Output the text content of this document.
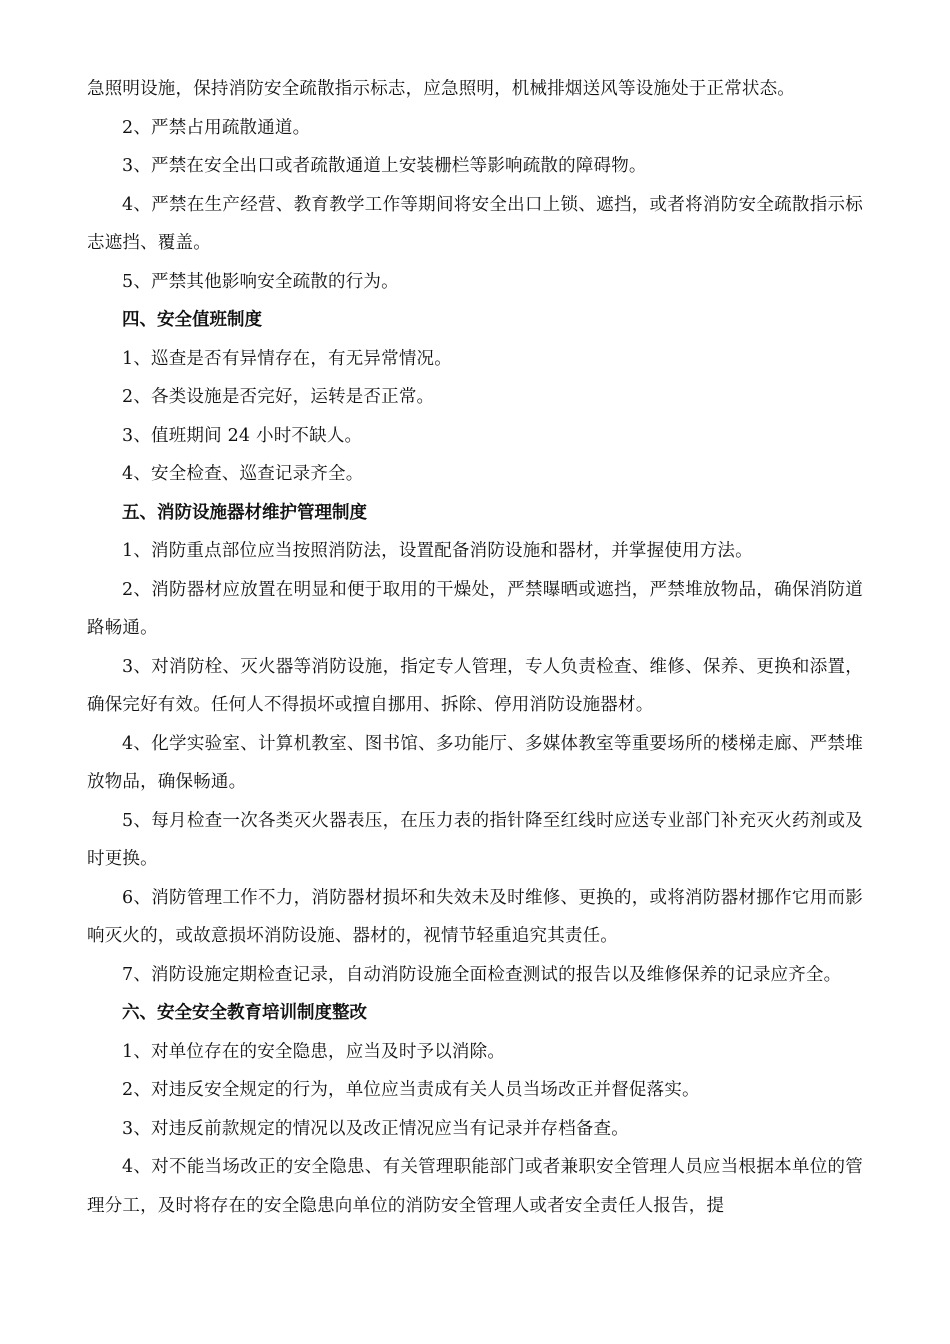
急照明设施，保持消防安全疏散指示标志，应急照明，机械排烟送风等设施处于正常状态。

2、严禁占用疏散通道。

3、严禁在安全出口或者疏散通道上安装栅栏等影响疏散的障碍物。

4、严禁在生产经营、教育教学工作等期间将安全出口上锁、遮挡，或者将消防安全疏散指示标志遮挡、覆盖。

5、严禁其他影响安全疏散的行为。

四、安全值班制度

1、巡查是否有异情存在，有无异常情况。

2、各类设施是否完好，运转是否正常。

3、值班期间 24 小时不缺人。

4、安全检查、巡查记录齐全。

五、消防设施器材维护管理制度

1、消防重点部位应当按照消防法，设置配备消防设施和器材，并掌握使用方法。

2、消防器材应放置在明显和便于取用的干燥处，严禁曝晒或遮挡，严禁堆放物品，确保消防道路畅通。

3、对消防栓、灭火器等消防设施，指定专人管理，专人负责检查、维修、保养、更换和添置，确保完好有效。任何人不得损坏或擅自挪用、拆除、停用消防设施器材。

4、化学实验室、计算机教室、图书馆、多功能厅、多媒体教室等重要场所的楼梯走廊、严禁堆放物品，确保畅通。

5、每月检查一次各类灭火器表压，在压力表的指针降至红线时应送专业部门补充灭火药剂或及时更换。

6、消防管理工作不力，消防器材损坏和失效未及时维修、更换的，或将消防器材挪作它用而影响灭火的，或故意损坏消防设施、器材的，视情节轻重追究其责任。

7、消防设施定期检查记录，自动消防设施全面检查测试的报告以及维修保养的记录应齐全。

六、安全安全教育培训制度整改

1、对单位存在的安全隐患，应当及时予以消除。

2、对违反安全规定的行为，单位应当责成有关人员当场改正并督促落实。

3、对违反前款规定的情况以及改正情况应当有记录并存档备查。

4、对不能当场改正的安全隐患、有关管理职能部门或者兼职安全管理人员应当根据本单位的管理分工，及时将存在的安全隐患向单位的消防安全管理人或者安全责任人报告，提
